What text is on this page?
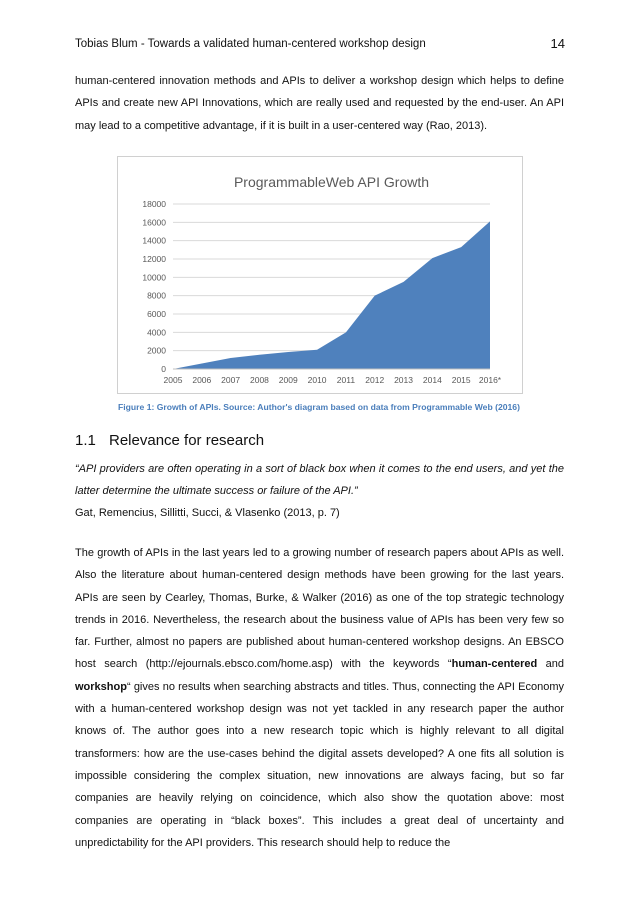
Tobias Blum - Towards a validated human-centered workshop design	14

human-centered innovation methods and APIs to deliver a workshop design which helps to define APIs and create new API Innovations, which are really used and requested by the end-user. An API may lead to a competitive advantage, if it is built in a user-centered way (Rao, 2013).

ProgrammableWeb API Growth
0
2000
4000
6000
8000
10000
12000
14000
16000
18000
2005 2006 2007 2008 2009 2010 2011 2012 2013 2014 2015 2016*
Figure 1: Growth of APIs. Source: Author's diagram based on data from Programmable Web (2016)
1.1 Relevance for research

“API providers are often operating in a sort of black box when it comes to the end users, and yet the latter determine the ultimate success or failure of the API.”

Gat, Remencius, Sillitti, Succi, & Vlasenko (2013, p. 7)

The growth of APIs in the last years led to a growing number of research papers about APIs as well. Also the literature about human-centered design methods have been growing for the last years. APIs are seen by Cearley, Thomas, Burke, & Walker (2016) as one of the top strategic technology trends in 2016. Nevertheless, the research about the business value of APIs has been very few so far. Further, almost no papers are published about human-centered workshop designs. An EBSCO host search (http://ejournals.ebsco.com/home.asp) with the keywords “human-centered and workshop“ gives no results when searching abstracts and titles. Thus, connecting the API Economy with a human-centered workshop design was not yet tackled in any research paper the author knows of. The author goes into a new research topic which is highly relevant to all digital transformers: how are the use-cases behind the digital assets developed? A one fits all solution is impossible considering the complex situation, new innovations are always facing, but so far companies are heavily relying on coincidence, which also show the quotation above: most companies are operating in “black boxes”. This includes a great deal of uncertainty and unpredictability for the API providers. This research should help to reduce the
